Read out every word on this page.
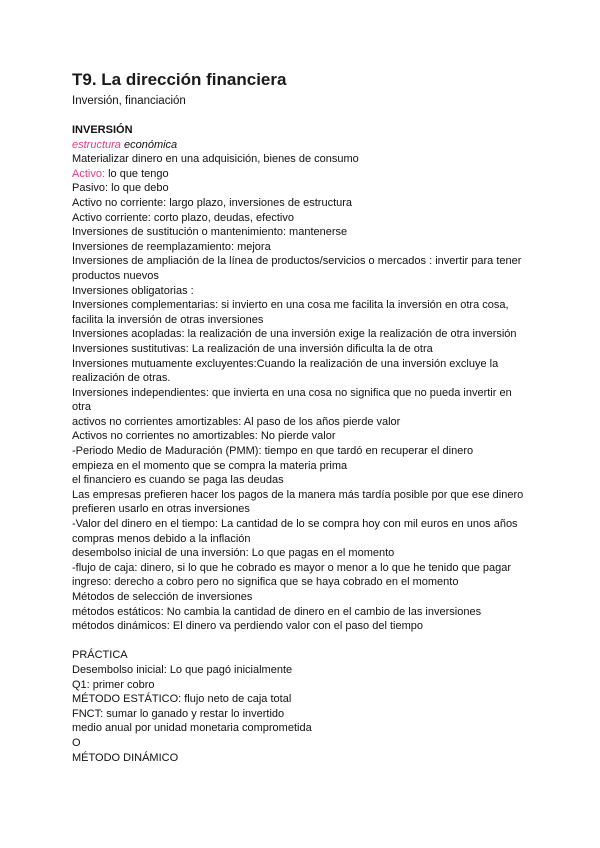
T9. La dirección financiera
Inversión, financiación
INVERSIÓN
estructura económica
Materializar dinero en una adquisición, bienes de consumo
Activo: lo que tengo
Pasivo: lo que debo
Activo no corriente: largo plazo, inversiones de estructura
Activo corriente: corto plazo, deudas, efectivo
Inversiones de sustitución o mantenimiento: mantenerse
Inversiones de reemplazamiento: mejora
Inversiones de ampliación de la línea de productos/servicios o mercados : invertir para tener
productos nuevos
Inversiones obligatorias :
Inversiones complementarias: si invierto en una cosa me facilita la inversión en otra cosa,
facilita la inversión de otras inversiones
Inversiones acopladas: la realización de una inversión exige la realización de otra inversión
Inversiones sustitutivas: La realización de una inversión dificulta la de otra
Inversiones mutuamente excluyentes:Cuando la realización de una inversión excluye la
realización de otras.
Inversiones independientes: que invierta en una cosa no significa que no pueda invertir en
otra
activos no corrientes amortizables: Al paso de los años pierde valor
Activos no corrientes no amortizables: No pierde valor
-Periodo Medio de Maduración (PMM): tiempo en que tardó en recuperar el dinero
empieza en el momento que se compra la materia prima
el financiero es cuando se paga las deudas
Las empresas prefieren hacer los pagos de la manera más tardía posible por que ese dinero
prefieren usarlo en otras inversiones
-Valor del dinero en el tiempo: La cantidad de lo se compra hoy con mil euros en unos años
compras menos debido a la inflación
desembolso inicial de una inversión: Lo que pagas en el momento
-flujo de caja: dinero, si lo que he cobrado es mayor o menor a lo que he tenido que pagar
ingreso: derecho a cobro pero no significa que se haya cobrado en el momento
Métodos de selección de inversiones
métodos estáticos: No cambia la cantidad de dinero en el cambio de las inversiones
métodos dinámicos: El dinero va perdiendo valor con el paso del tiempo
PRÁCTICA
Desembolso inicial: Lo que pagó inicialmente
Q1: primer cobro
MÉTODO ESTÁTICO: flujo neto de caja total
FNCT: sumar lo ganado y restar lo invertido
medio anual por unidad monetaria comprometida
O
MÉTODO DINÁMICO
